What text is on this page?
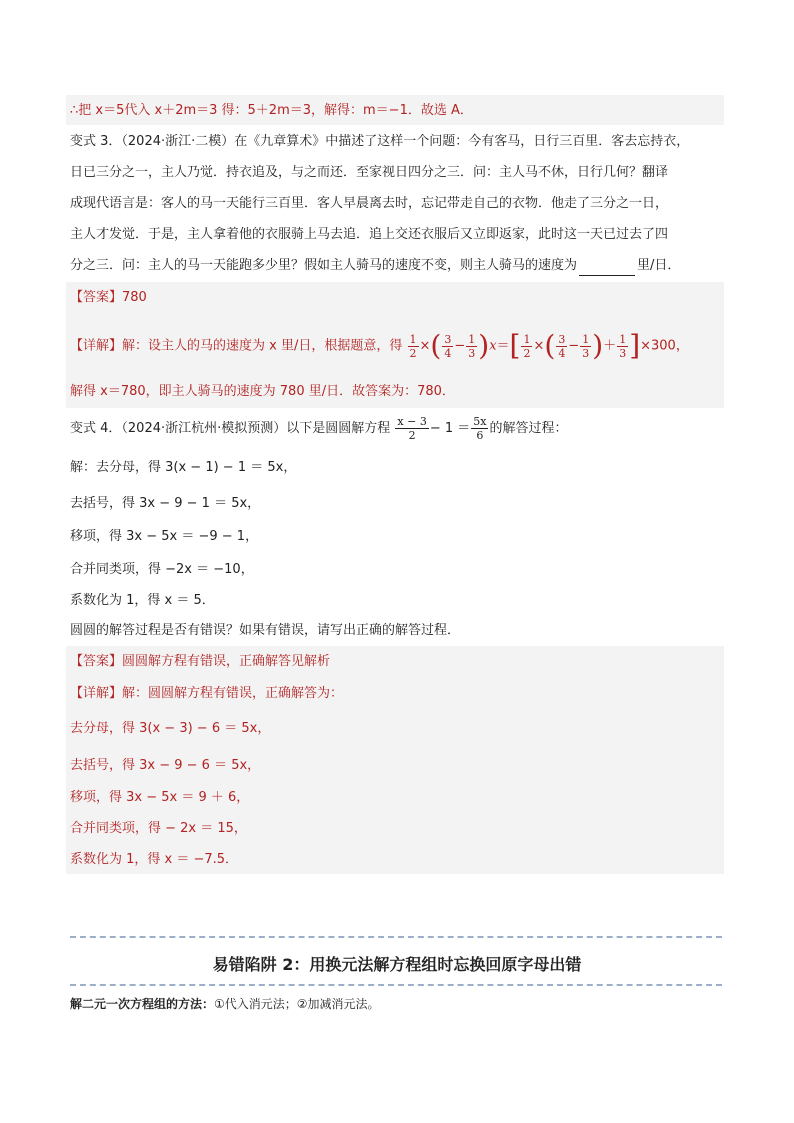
∴把 x＝5代入 x＋2m＝3 得：5＋2m＝3，解得：m＝−1．故选 A．
变式 3．（2024·浙江·二模）在《九章算术》中描述了这样一个问题：今有客马，日行三百里．客去忘持衣，
日已三分之一，主人乃觉．持衣追及，与之而还．至家视日四分之三．问：主人马不休，日行几何？翻译
成现代语言是：客人的马一天能行三百里．客人早晨离去时，忘记带走自己的衣物．他走了三分之一日，
主人才发觉．于是，主人拿着他的衣服骑上马去追．追上交还衣服后又立即返家，此时这一天已过去了四
分之三．问：主人的马一天能跑多少里？假如主人骑马的速度不变，则主人骑马的速度为	里/日．
【答案】780
【详解】解：设主人的马的速度为 x 里/日，根据题意，得 $\frac{1}{2}$ ×( $\frac{3}{4} - \frac{1}{3} )x=[ \frac{1}{2}$ ×( $\frac{3}{4} - \frac{1}{3}$ )＋ $\frac{1}{3} ]\times 300$，
解得 x＝780，即主人骑马的速度为 780 里/日．故答案为：780．
变式 4．（2024·浙江杭州·模拟预测）以下是圆圆解方程 $\frac{x - 3}{2} - 1 = \frac{5x}{6}$ 的解答过程：
解：去分母，得 3(x − 1) − 1 ＝ 5x，
去括号，得 3x − 9 − 1 ＝ 5x，
移项，得 3x − 5x ＝ −9 − 1，
合并同类项，得 −2x ＝ −10，
系数化为 1，得 x ＝ 5．
圆圆的解答过程是否有错误？如果有错误，请写出正确的解答过程．
【答案】圆圆解方程有错误，正确解答见解析
【详解】解：圆圆解方程有错误，正确解答为：
去分母，得 3(x − 3) − 6 ＝ 5x，
去括号，得 3x − 9 − 6 ＝ 5x，
移项，得 3x − 5x ＝ 9 ＋ 6，
合并同类项，得 − 2x ＝ 15，
系数化为 1，得 x ＝ −7.5．
易错陷阱 2：用换元法解方程组时忘换回原字母出错
解二元一次方程组的方法：①代入消元法；②加减消元法。
